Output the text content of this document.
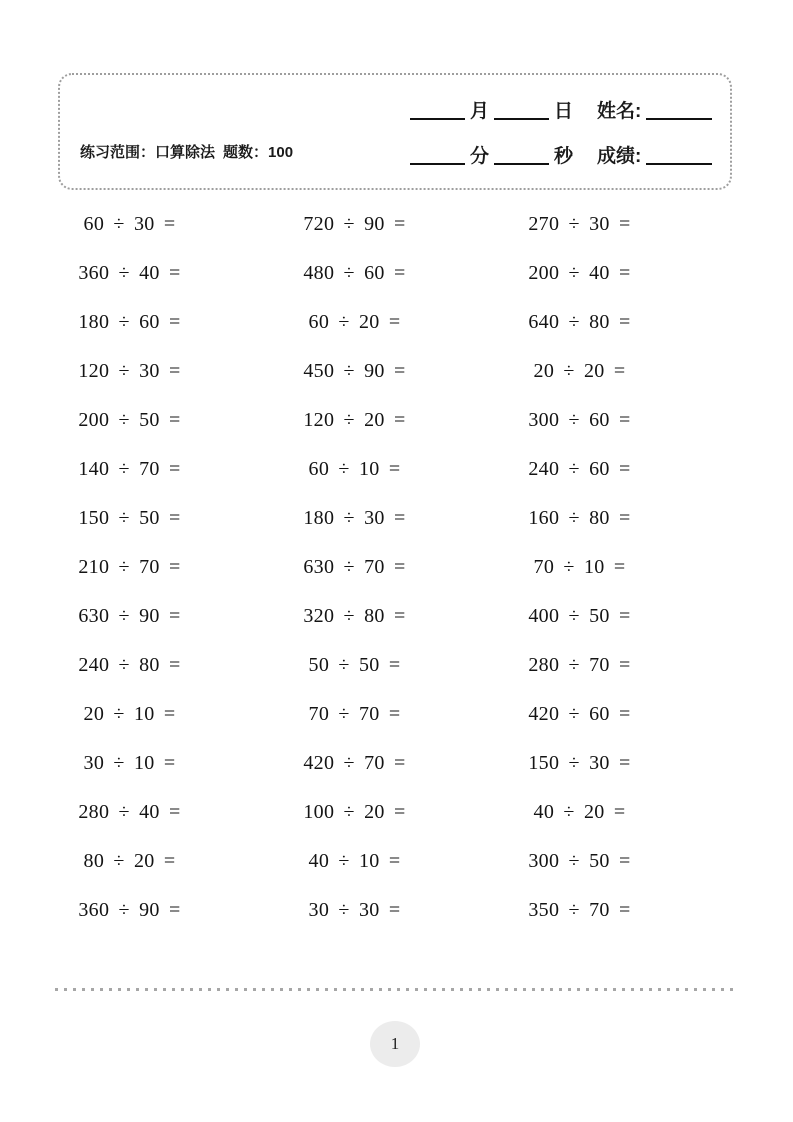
练习范围：口算除法 题数：100
月	日 姓名:
分	秒 成绩:
60 ÷ 30 =	720 ÷ 90 =	270 ÷ 30 =
360 ÷ 40 =	480 ÷ 60 =	200 ÷ 40 =
180 ÷ 60 =	60 ÷ 20 =	640 ÷ 80 =
120 ÷ 30 =	450 ÷ 90 =	20 ÷ 20 =
200 ÷ 50 =	120 ÷ 20 =	300 ÷ 60 =
140 ÷ 70 =	60 ÷ 10 =	240 ÷ 60 =
150 ÷ 50 =	180 ÷ 30 =	160 ÷ 80 =
210 ÷ 70 =	630 ÷ 70 =	70 ÷ 10 =
630 ÷ 90 =	320 ÷ 80 =	400 ÷ 50 =
240 ÷ 80 =	50 ÷ 50 =	280 ÷ 70 =
20 ÷ 10 =	70 ÷ 70 =	420 ÷ 60 =
30 ÷ 10 =	420 ÷ 70 =	150 ÷ 30 =
280 ÷ 40 =	100 ÷ 20 =	40 ÷ 20 =
80 ÷ 20 =	40 ÷ 10 =	300 ÷ 50 =
360 ÷ 90 =	30 ÷ 30 =	350 ÷ 70 =
1
